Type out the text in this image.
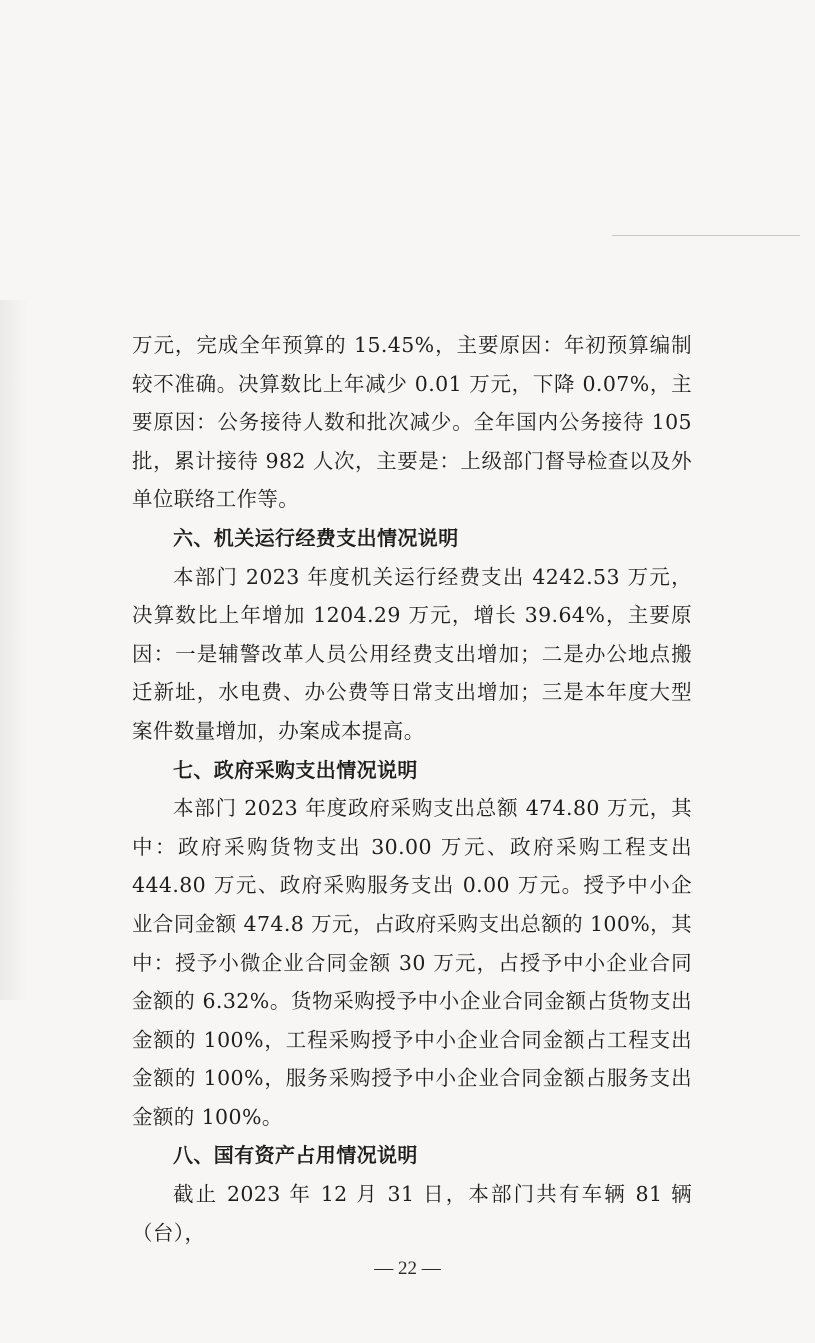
万元，完成全年预算的 15.45%，主要原因：年初预算编制较不准确。决算数比上年减少 0.01 万元，下降 0.07%，主要原因：公务接待人数和批次减少。全年国内公务接待 105 批，累计接待 982 人次，主要是：上级部门督导检查以及外单位联络工作等。

六、机关运行经费支出情况说明

本部门 2023 年度机关运行经费支出 4242.53 万元，决算数比上年增加 1204.29 万元，增长 39.64%，主要原因：一是辅警改革人员公用经费支出增加；二是办公地点搬迁新址，水电费、办公费等日常支出增加；三是本年度大型案件数量增加，办案成本提高。

七、政府采购支出情况说明

本部门 2023 年度政府采购支出总额 474.80 万元，其中：政府采购货物支出 30.00 万元、政府采购工程支出 444.80 万元、政府采购服务支出 0.00 万元。授予中小企业合同金额 474.8 万元，占政府采购支出总额的 100%，其中：授予小微企业合同金额 30 万元，占授予中小企业合同金额的 6.32%。货物采购授予中小企业合同金额占货物支出金额的 100%，工程采购授予中小企业合同金额占工程支出金额的 100%，服务采购授予中小企业合同金额占服务支出金额的 100%。

八、国有资产占用情况说明

截止 2023 年 12 月 31 日，本部门共有车辆 81 辆（台），

— 22 —
